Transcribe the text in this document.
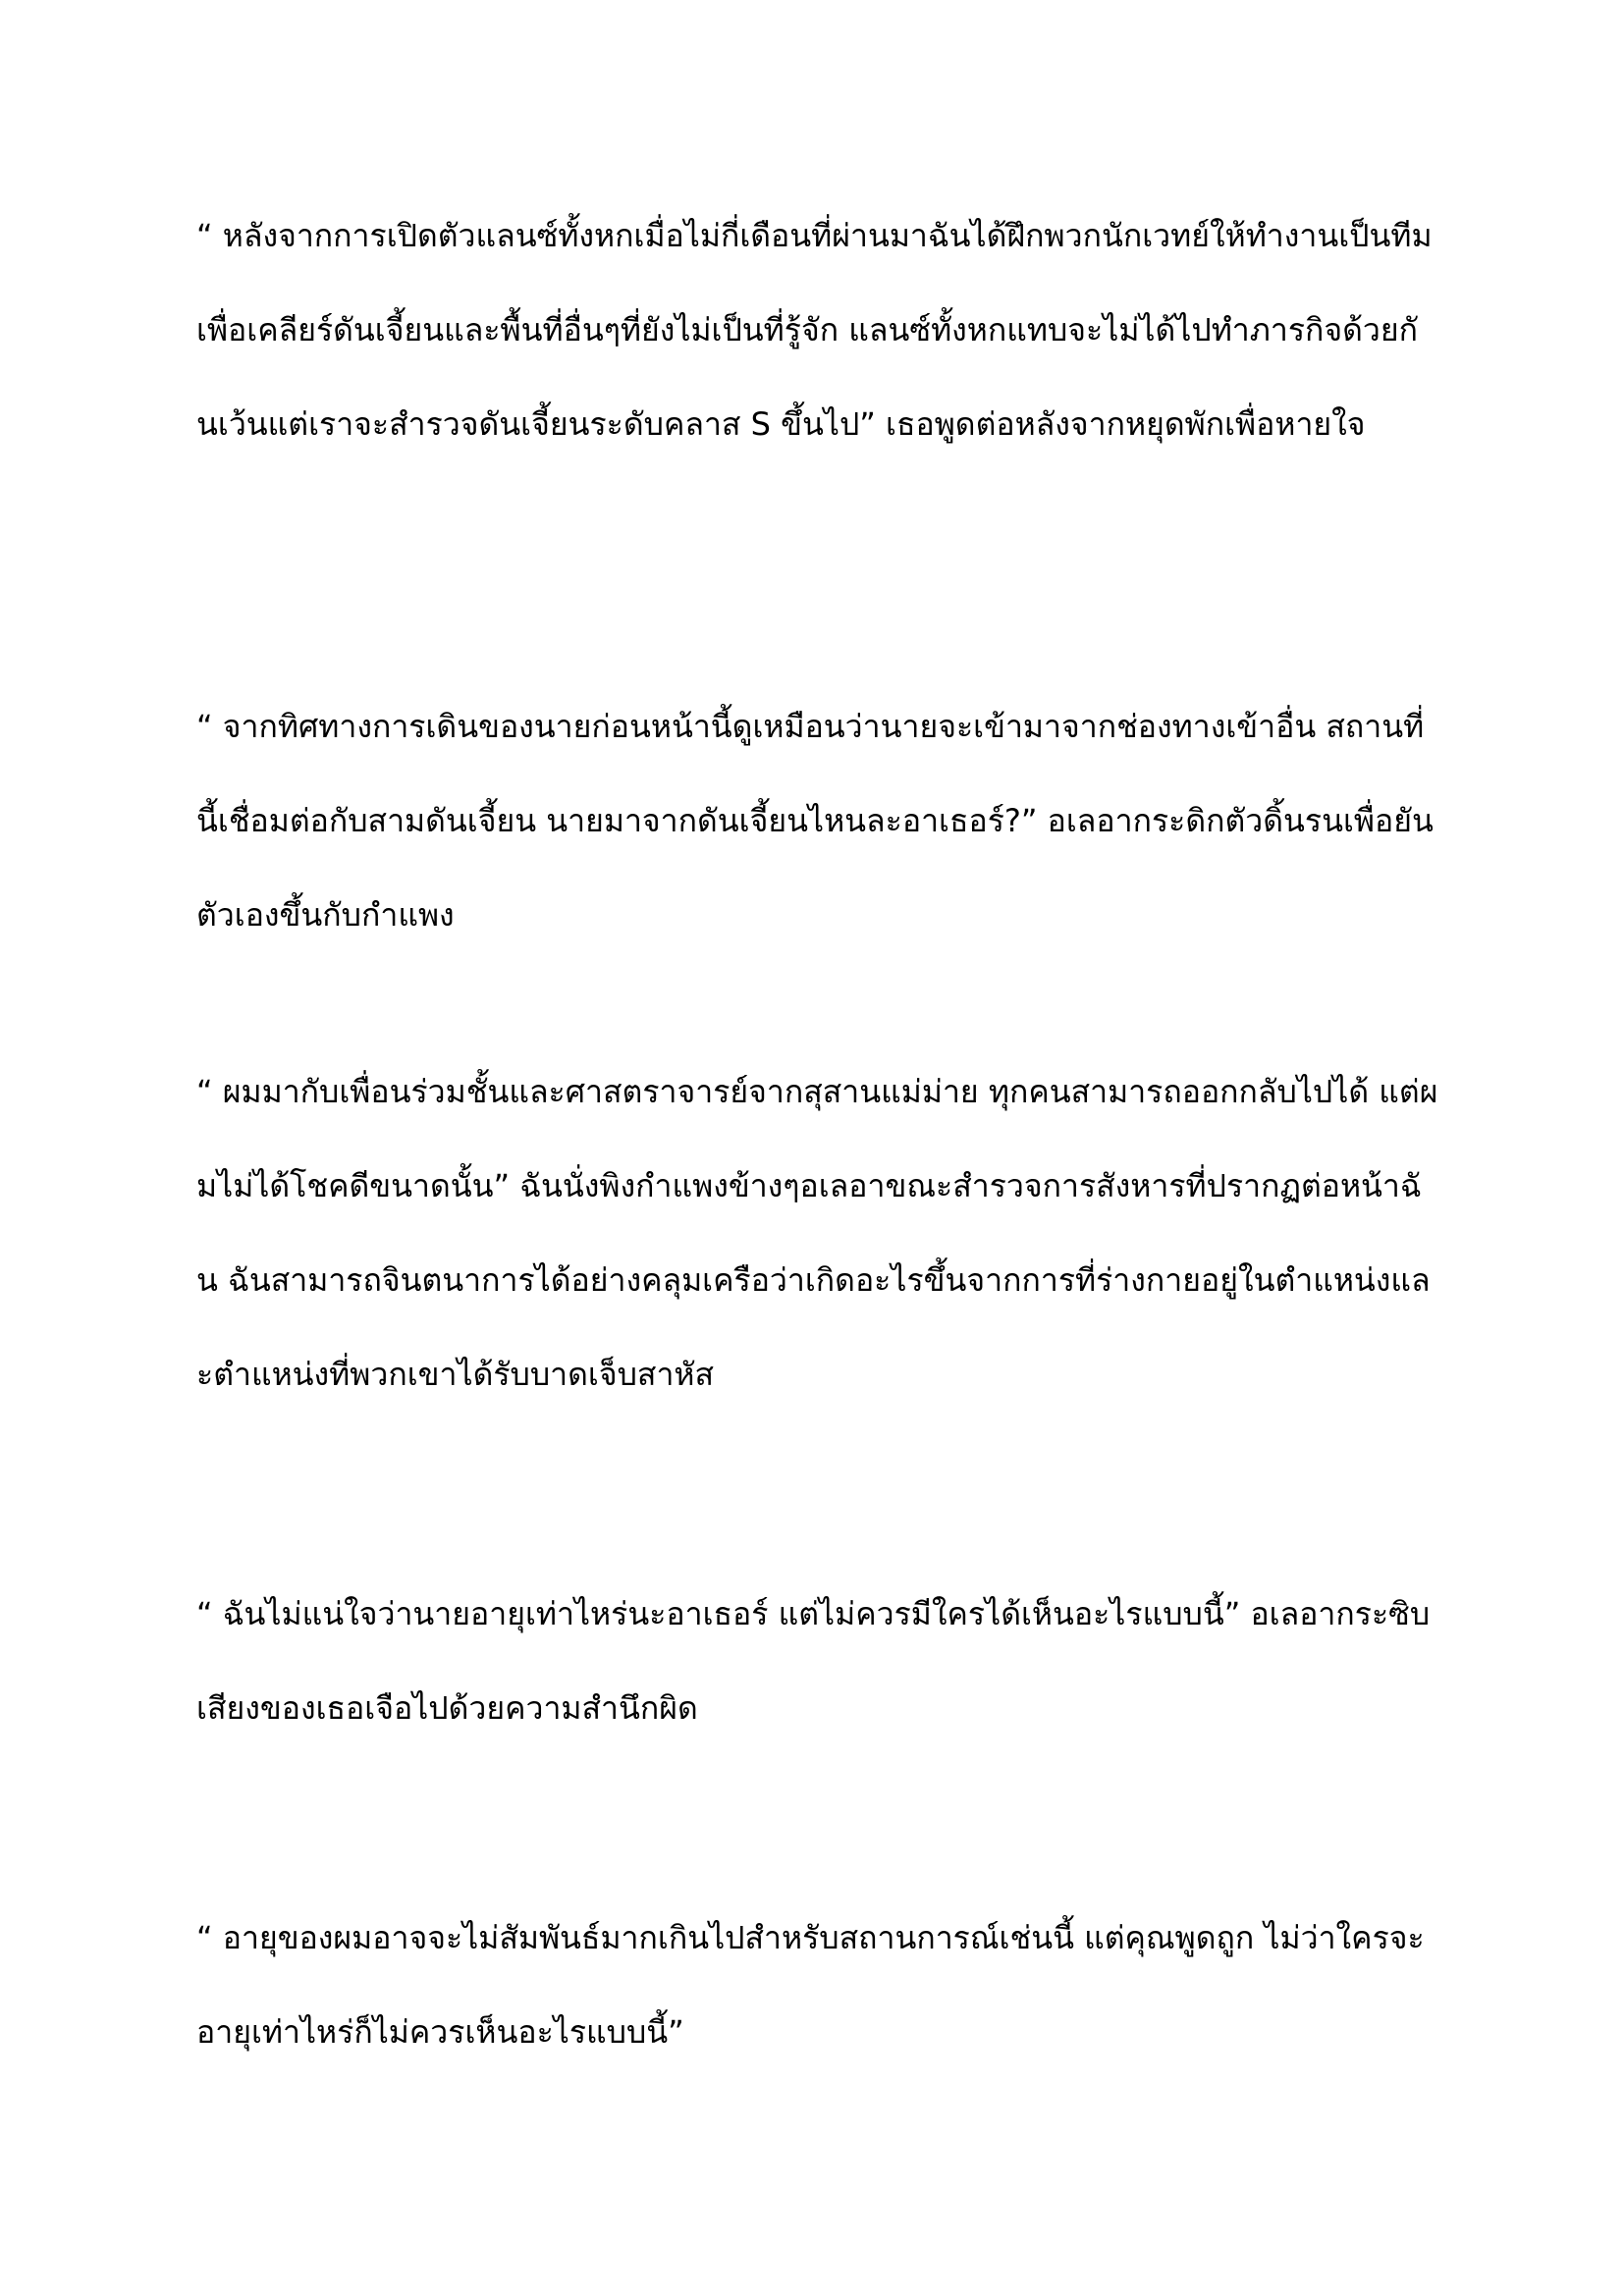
“ หลังจากการเปิดตัวแลนซ์ทั้งหกเมื่อไม่กี่เดือนที่ผ่านมาฉันได้ฝึกพวกนักเวทย์ให้ทำงานเป็นทีมเพื่อเคลียร์ดันเจี้ยนและพื้นที่อื่นๆที่ยังไม่เป็นที่รู้จัก แลนซ์ทั้งหกแทบจะไม่ได้ไปทำภารกิจด้วยกันเว้นแต่เราจะสำรวจดันเจี้ยนระดับคลาส S ขึ้นไป” เธอพูดต่อหลังจากหยุดพักเพื่อหายใจ

“ จากทิศทางการเดินของนายก่อนหน้านี้ดูเหมือนว่านายจะเข้ามาจากช่องทางเข้าอื่น สถานที่นี้เชื่อมต่อกับสามดันเจี้ยน นายมาจากดันเจี้ยนไหนละอาเธอร์?” อเลอากระดิกตัวดิ้นรนเพื่อยันตัวเองขึ้นกับกำแพง

“ ผมมากับเพื่อนร่วมชั้นและศาสตราจารย์จากสุสานแม่ม่าย ทุกคนสามารถออกกลับไปได้ แต่ผมไม่ได้โชคดีขนาดนั้น” ฉันนั่งพิงกำแพงข้างๆอเลอาขณะสำรวจการสังหารที่ปรากฏต่อหน้าฉัน ฉันสามารถจินตนาการได้อย่างคลุมเครือว่าเกิดอะไรขึ้นจากการที่ร่างกายอยู่ในตำแหน่งและตำแหน่งที่พวกเขาได้รับบาดเจ็บสาหัส

“ ฉันไม่แน่ใจว่านายอายุเท่าไหร่นะอาเธอร์ แต่ไม่ควรมีใครได้เห็นอะไรแบบนี้” อเลอากระซิบ เสียงของเธอเจือไปด้วยความสำนึกผิด

“ อายุของผมอาจจะไม่สัมพันธ์มากเกินไปสำหรับสถานการณ์เช่นนี้ แต่คุณพูดถูก ไม่ว่าใครจะอายุเท่าไหร่ก็ไม่ควรเห็นอะไรแบบนี้”
